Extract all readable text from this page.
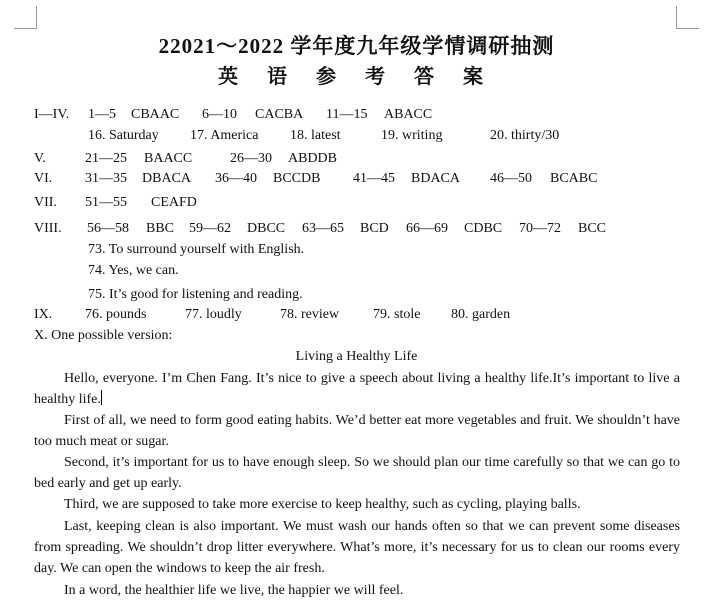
22021～2022 学年度九年级学情调研抽测
英 语 参 考 答 案
I—IV. 1—5 CBAAC 6—10 CACBA 11—15 ABACC
16. Saturday 17. America 18. latest	19. writing	20. thirty/30
V.	21—25 BAACC	26—30 ABDDB
VI. 31—35 DBACA 36—40 BCCDB 41—45 BDACA 46—50 BCABC
VII. 51—55 CEAFD
VIII. 56—58 BBC 59—62 DBCC 63—65 BCD 66—69 CDBC 70—72 BCC
73. To surround yourself with English.
74. Yes, we can.
75. It’s good for listening and reading.
IX. 76. pounds	77. loudly	78. review 79. stole 80. garden
X. One possible version:
Living a Healthy Life
Hello, everyone. I’m Chen Fang. It’s nice to give a speech about living a healthy life.It’s important to live a healthy life.
First of all, we need to form good eating habits. We’d better eat more vegetables and fruit. We shouldn’t have too much meat or sugar.
Second, it’s important for us to have enough sleep. So we should plan our time carefully so that we can go to bed early and get up early.
Third, we are supposed to take more exercise to keep healthy, such as cycling, playing balls.
Last, keeping clean is also important. We must wash our hands often so that we can prevent some diseases from spreading. We shouldn’t drop litter everywhere. What’s more, it’s necessary for us to clean our rooms every day. We can open the windows to keep the air fresh.
In a word, the healthier life we live, the happier we will feel.
